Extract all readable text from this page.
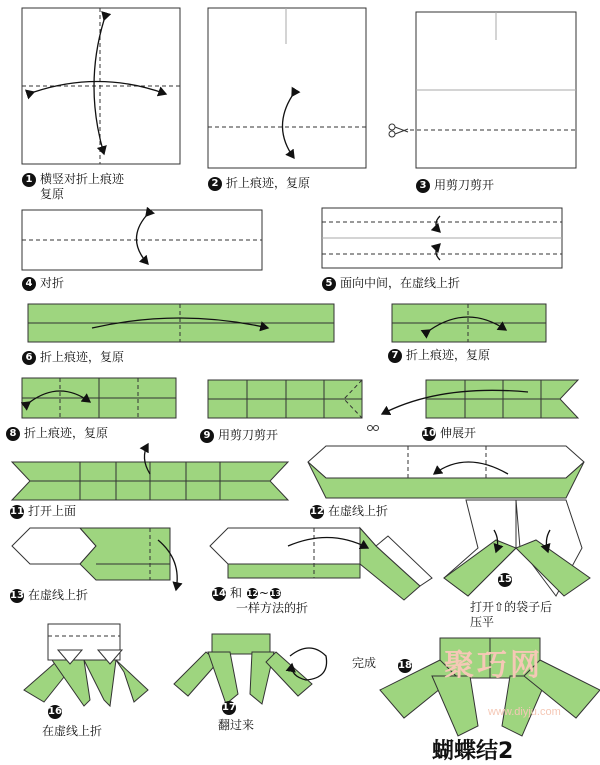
1 横竖对折上痕迹
复原
2 折上痕迹，复原	3 用剪刀剪开
4 对折	5 面向中间，在虚线上折
6 折上痕迹，复原	7 折上痕迹，复原
8 折上痕迹，复原	9 用剪刀剪开	10 伸展开
11 打开上面	12 在虚线上折
13 在虚线上折	14 和 12~13
一样方法的折
15
打开⇧的袋子后
压平
16
在虚线上折
17
翻过来
完成 18 聚巧网
www.diyju.com
蝴蝶结2
